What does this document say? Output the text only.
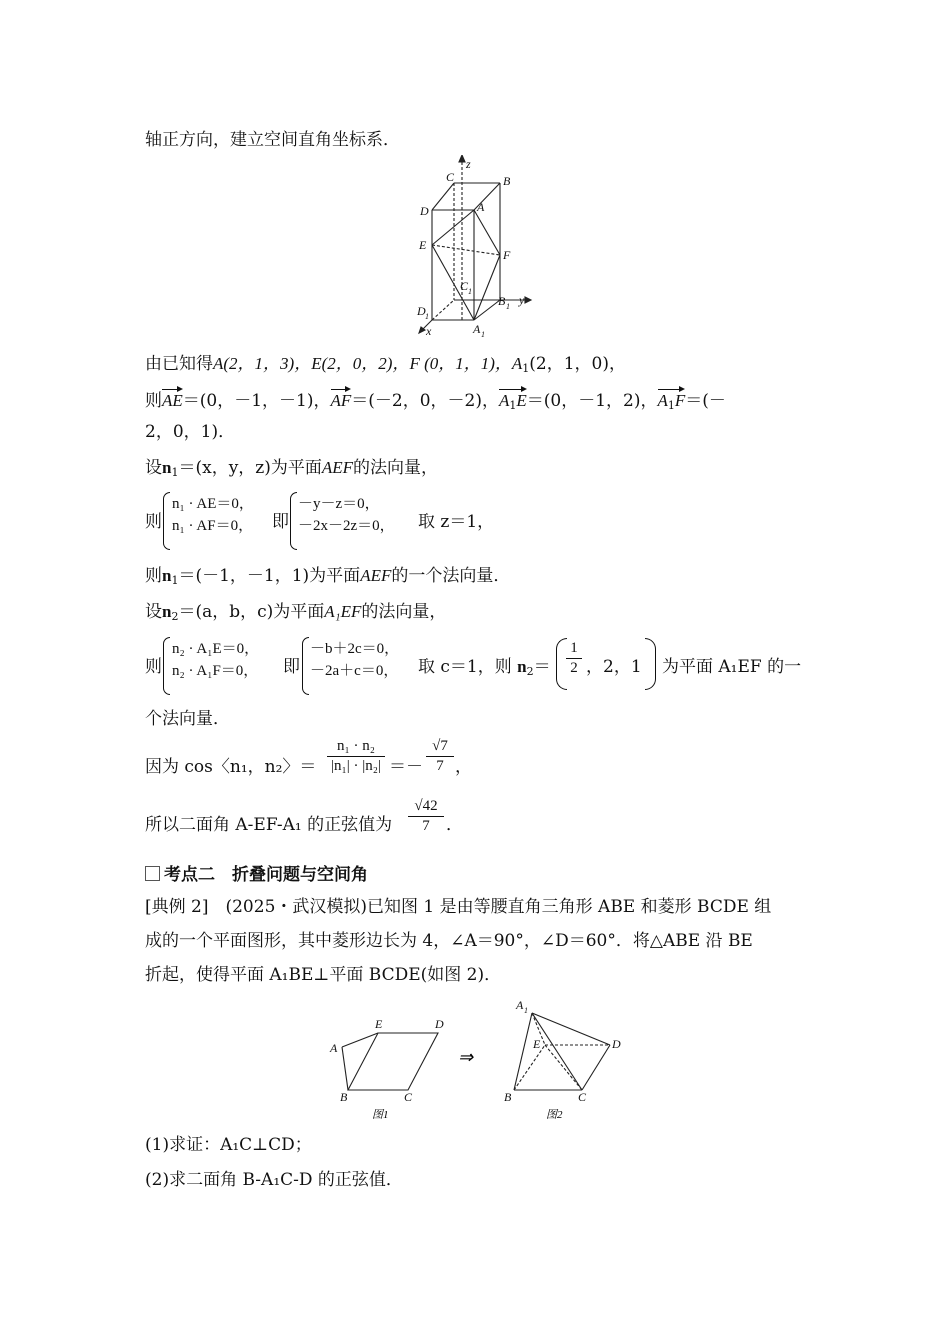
轴正方向，建立空间直角坐标系．
C	B
D	A
E
F
C 1
B 1 y
D 1
A 1
x
z
由已知得A(2，1，3)，E(2，0，2)，F (0，1，1)，$A_1(2$，1，0)，
则AE＝(0，－1，－1)，AF＝(－2，0，－2)，$A_1E=(0$，－1，2)，$A_1F=(-$
2，0，1)．
设$n_1=(x$，y，z)为平面AEF的法向量，
则
n₁ · AE＝0，
n₁ · AF＝0， 即
－y－z＝0，
－2x－2z＝0， 取 z＝1，
则$n_1=(-1$，－1，1)为平面AEF的一个法向量．
设$n_2=(a$，b，c)为平面A₁EF的法向量，
则
n₂ · A₁E＝0，
n₂ · A₁F＝0， 即
－b＋2c＝0，
－2a＋c＝0， 取 c＝1，则 $n_2=$
1
2 ，2，1 为平面 A₁EF 的一
个法向量．
因为 cos〈n₁，n₂〉＝
n₁ · n₂
|n₁| · |n₂| ＝－
√7
7 ，
所以二面角 A-EF-A₁ 的正弦值为
√42
7 ．
考点二　折叠问题与空间角
[典例 2]　(2025・武汉模拟)已知图 1 是由等腰直角三角形 ABE 和菱形 BCDE 组
成的一个平面图形，其中菱形边长为 4，∠A＝90°，∠D＝60°．将△ABE 沿 BE
折起，使得平面 A₁BE⊥平面 BCDE(如图 2)．
A
E	D
B	C
A 1
E	D
B	C
⇒
图1	图2
(1)求证：A₁C⊥CD；
(2)求二面角 B-A₁C-D 的正弦值．
